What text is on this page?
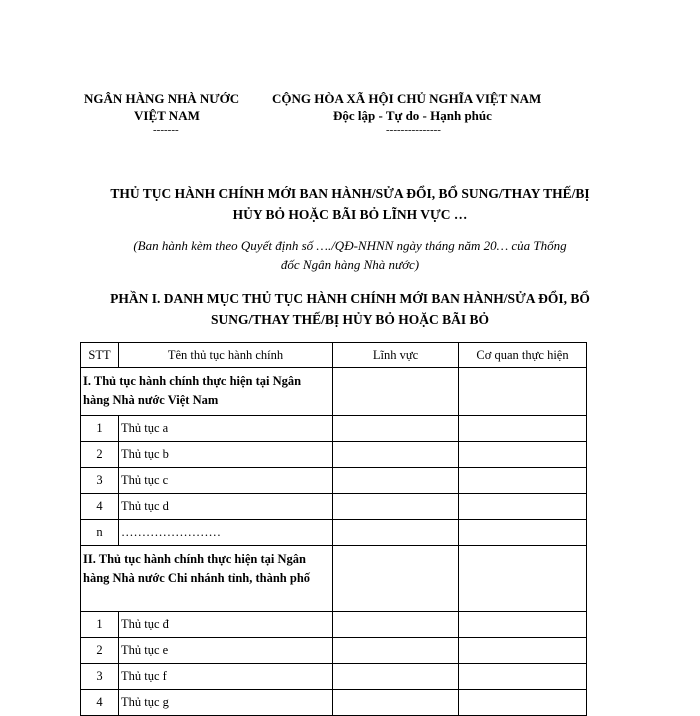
NGÂN HÀNG NHÀ NƯỚC
VIỆT NAM
-------
CỘNG HÒA XÃ HỘI CHỦ NGHĨA VIỆT NAM
Độc lập - Tự do - Hạnh phúc
---------------
THỦ TỤC HÀNH CHÍNH MỚI BAN HÀNH/SỬA ĐỔI, BỔ SUNG/THAY THẾ/BỊ
HỦY BỎ HOẶC BÃI BỎ LĨNH VỰC …
(Ban hành kèm theo Quyết định số …./QĐ-NHNN ngày tháng năm 20… của Thống
đốc Ngân hàng Nhà nước)
PHẦN I. DANH MỤC THỦ TỤC HÀNH CHÍNH MỚI BAN HÀNH/SỬA ĐỔI, BỔ
SUNG/THAY THẾ/BỊ HỦY BỎ HOẶC BÃI BỎ
STT	Tên thủ tục hành chính	Lĩnh vực	Cơ quan thực hiện
I. Thủ tục hành chính thực hiện tại Ngân hàng Nhà nước Việt Nam			
1	Thủ tục a		
2	Thủ tục b		
3	Thủ tục c		
4	Thủ tục d		
n	……………………		
II. Thủ tục hành chính thực hiện tại Ngân hàng Nhà nước Chi nhánh tỉnh, thành phố			
1	Thủ tục đ		
2	Thủ tục e		
3	Thủ tục f		
4	Thủ tục g		
